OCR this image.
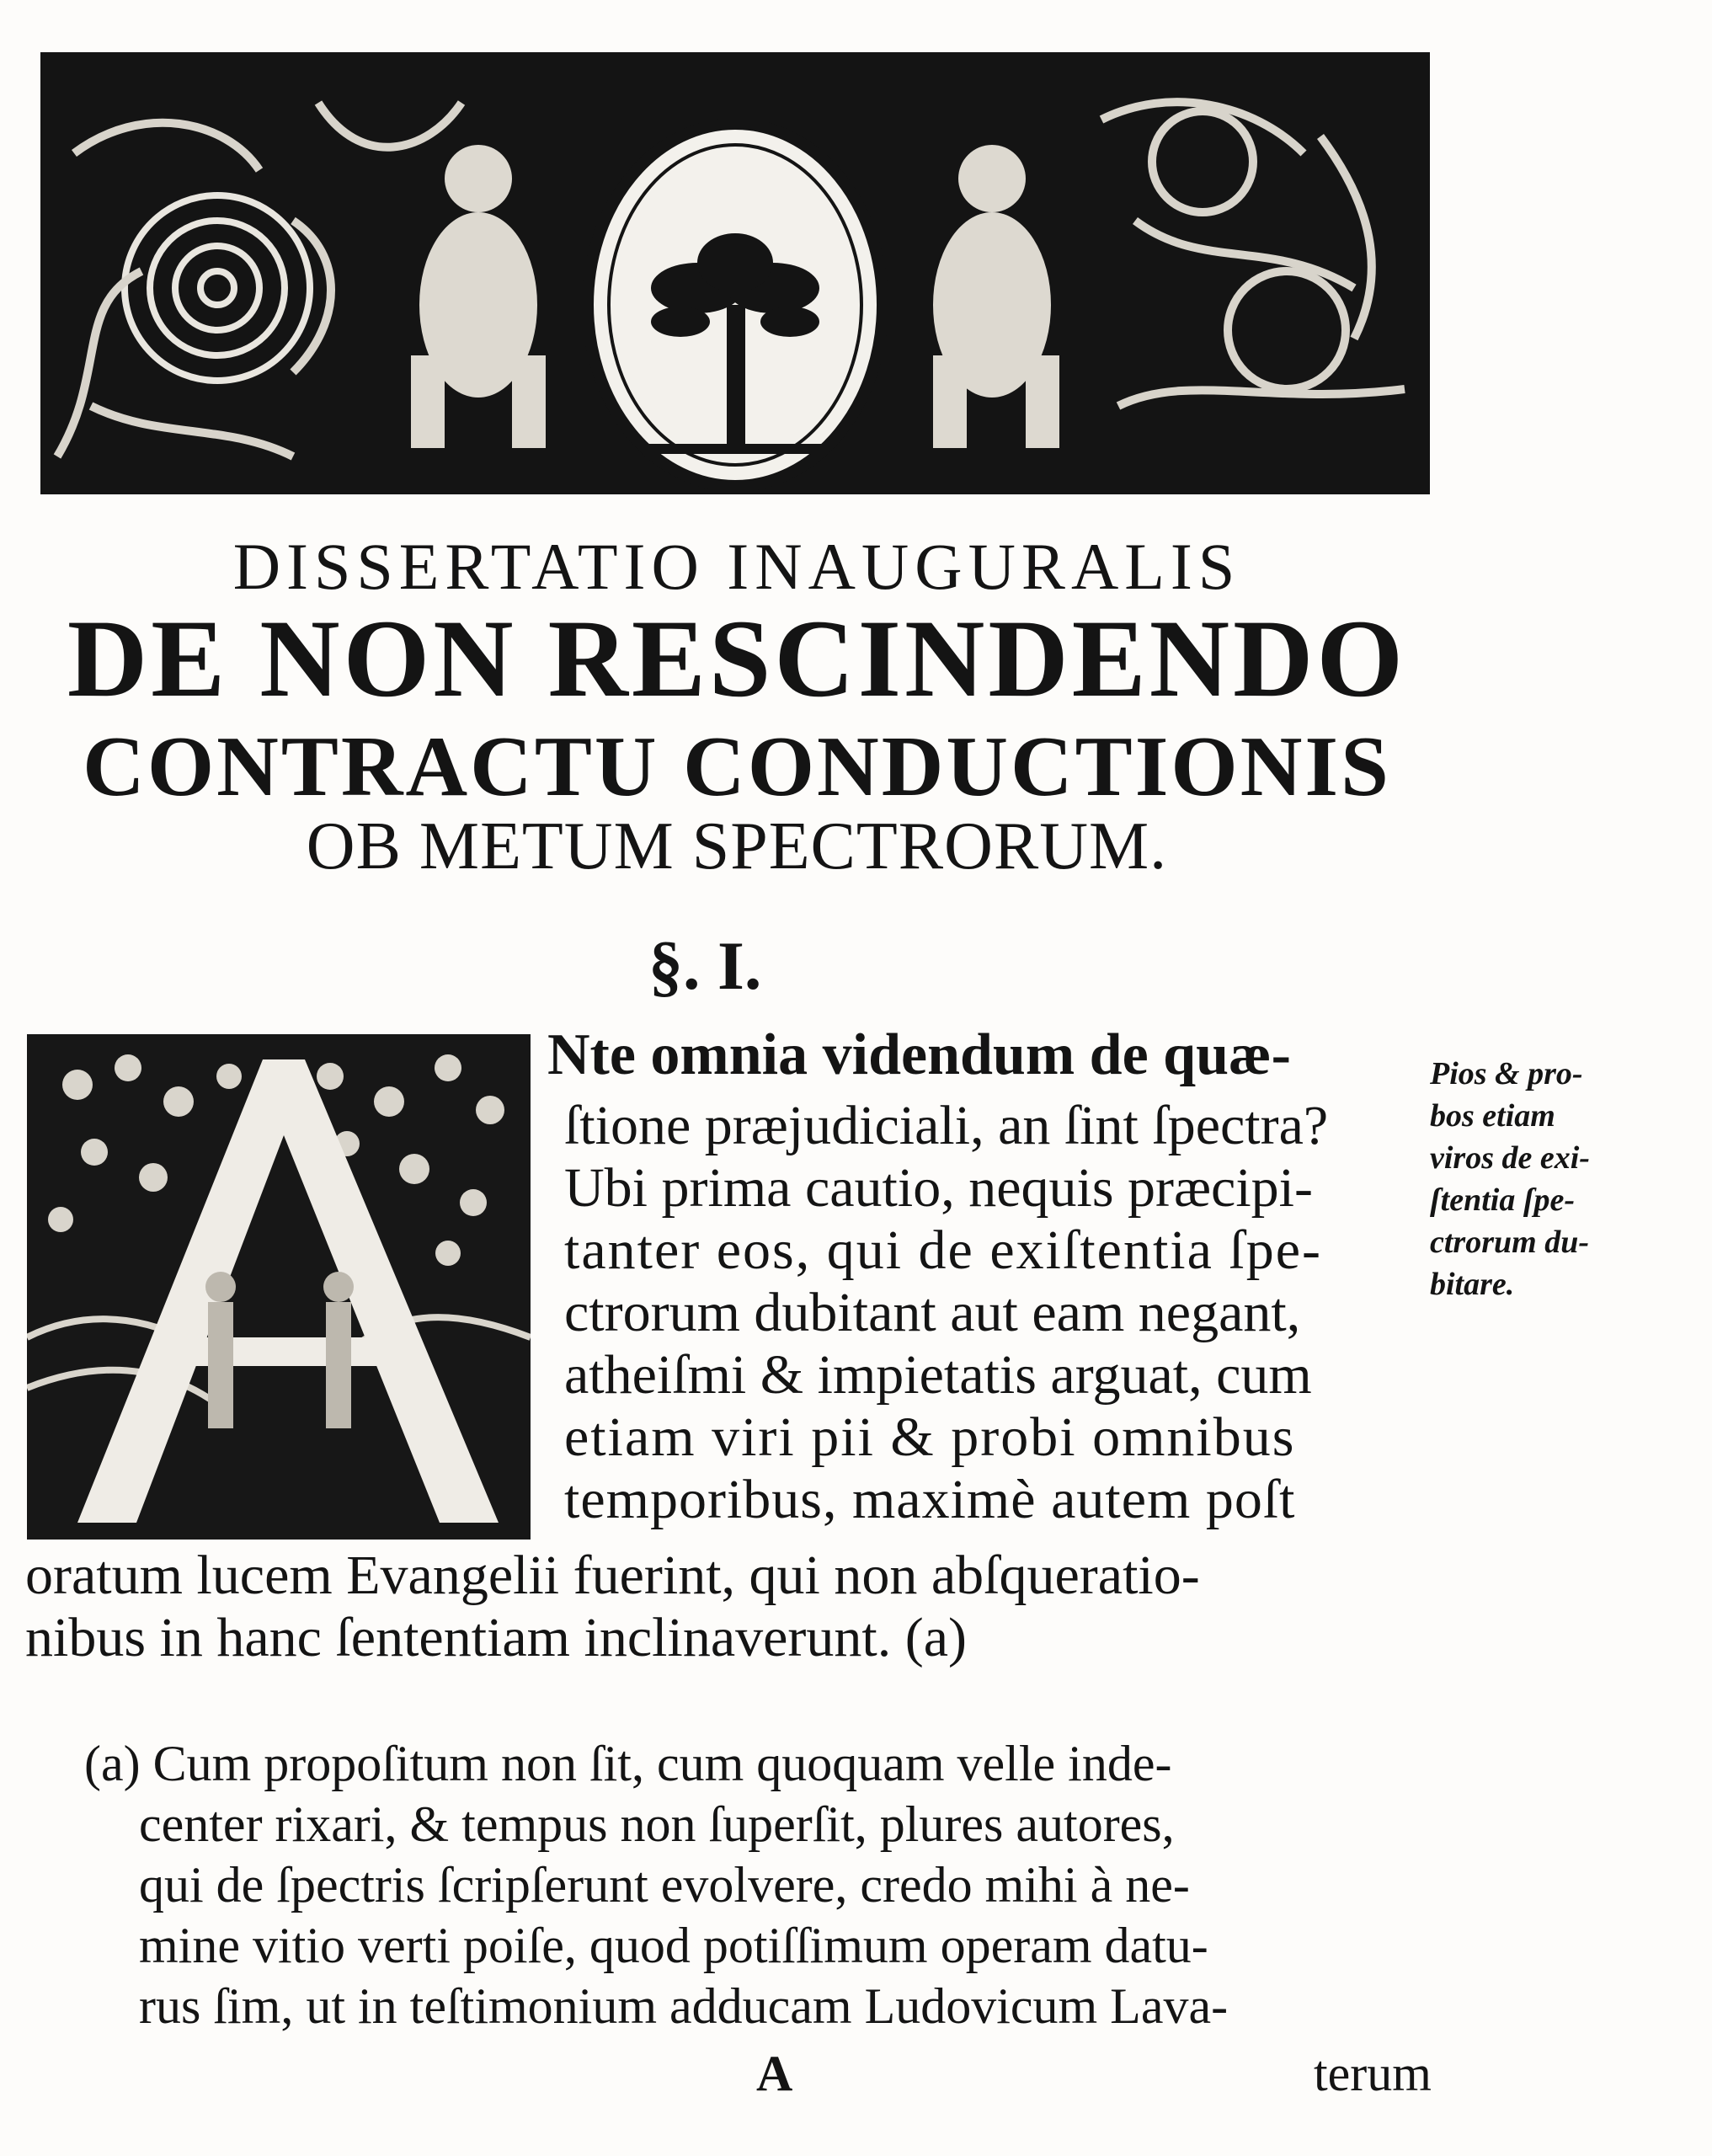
DISSERTATIO INAUGURALIS
DE NON RESCINDENDO
CONTRACTU CONDUCTIONIS
OB METUM SPECTRORUM.
§. I.
Nte omnia videndum de quæ-
ſtione præjudiciali, an ſint ſpectra?
Ubi prima cautio, nequis præcipi-
tanter eos, qui de exiſtentia ſpe-
ctrorum dubitant aut eam negant,
atheiſmi & impietatis arguat, cum
etiam viri pii & probi omnibus
temporibus, maximè autem poſt
oratum lucem Evangelii fuerint, qui non abſqueratio-
nibus in hanc ſententiam inclinaverunt. (a)
Pios & pro-
bos etiam
viros de exi-
ſtentia ſpe-
ctrorum du-
bitare.
(a) Cum propoſitum non ſit, cum quoquam velle inde-
center rixari, & tempus non ſuperſit, plures autores,
qui de ſpectris ſcripſerunt evolvere, credo mihi à ne-
mine vitio verti poiſe, quod potiſſimum operam datu-
rus ſim, ut in teſtimonium adducam Ludovicum Lava-
A	terum
